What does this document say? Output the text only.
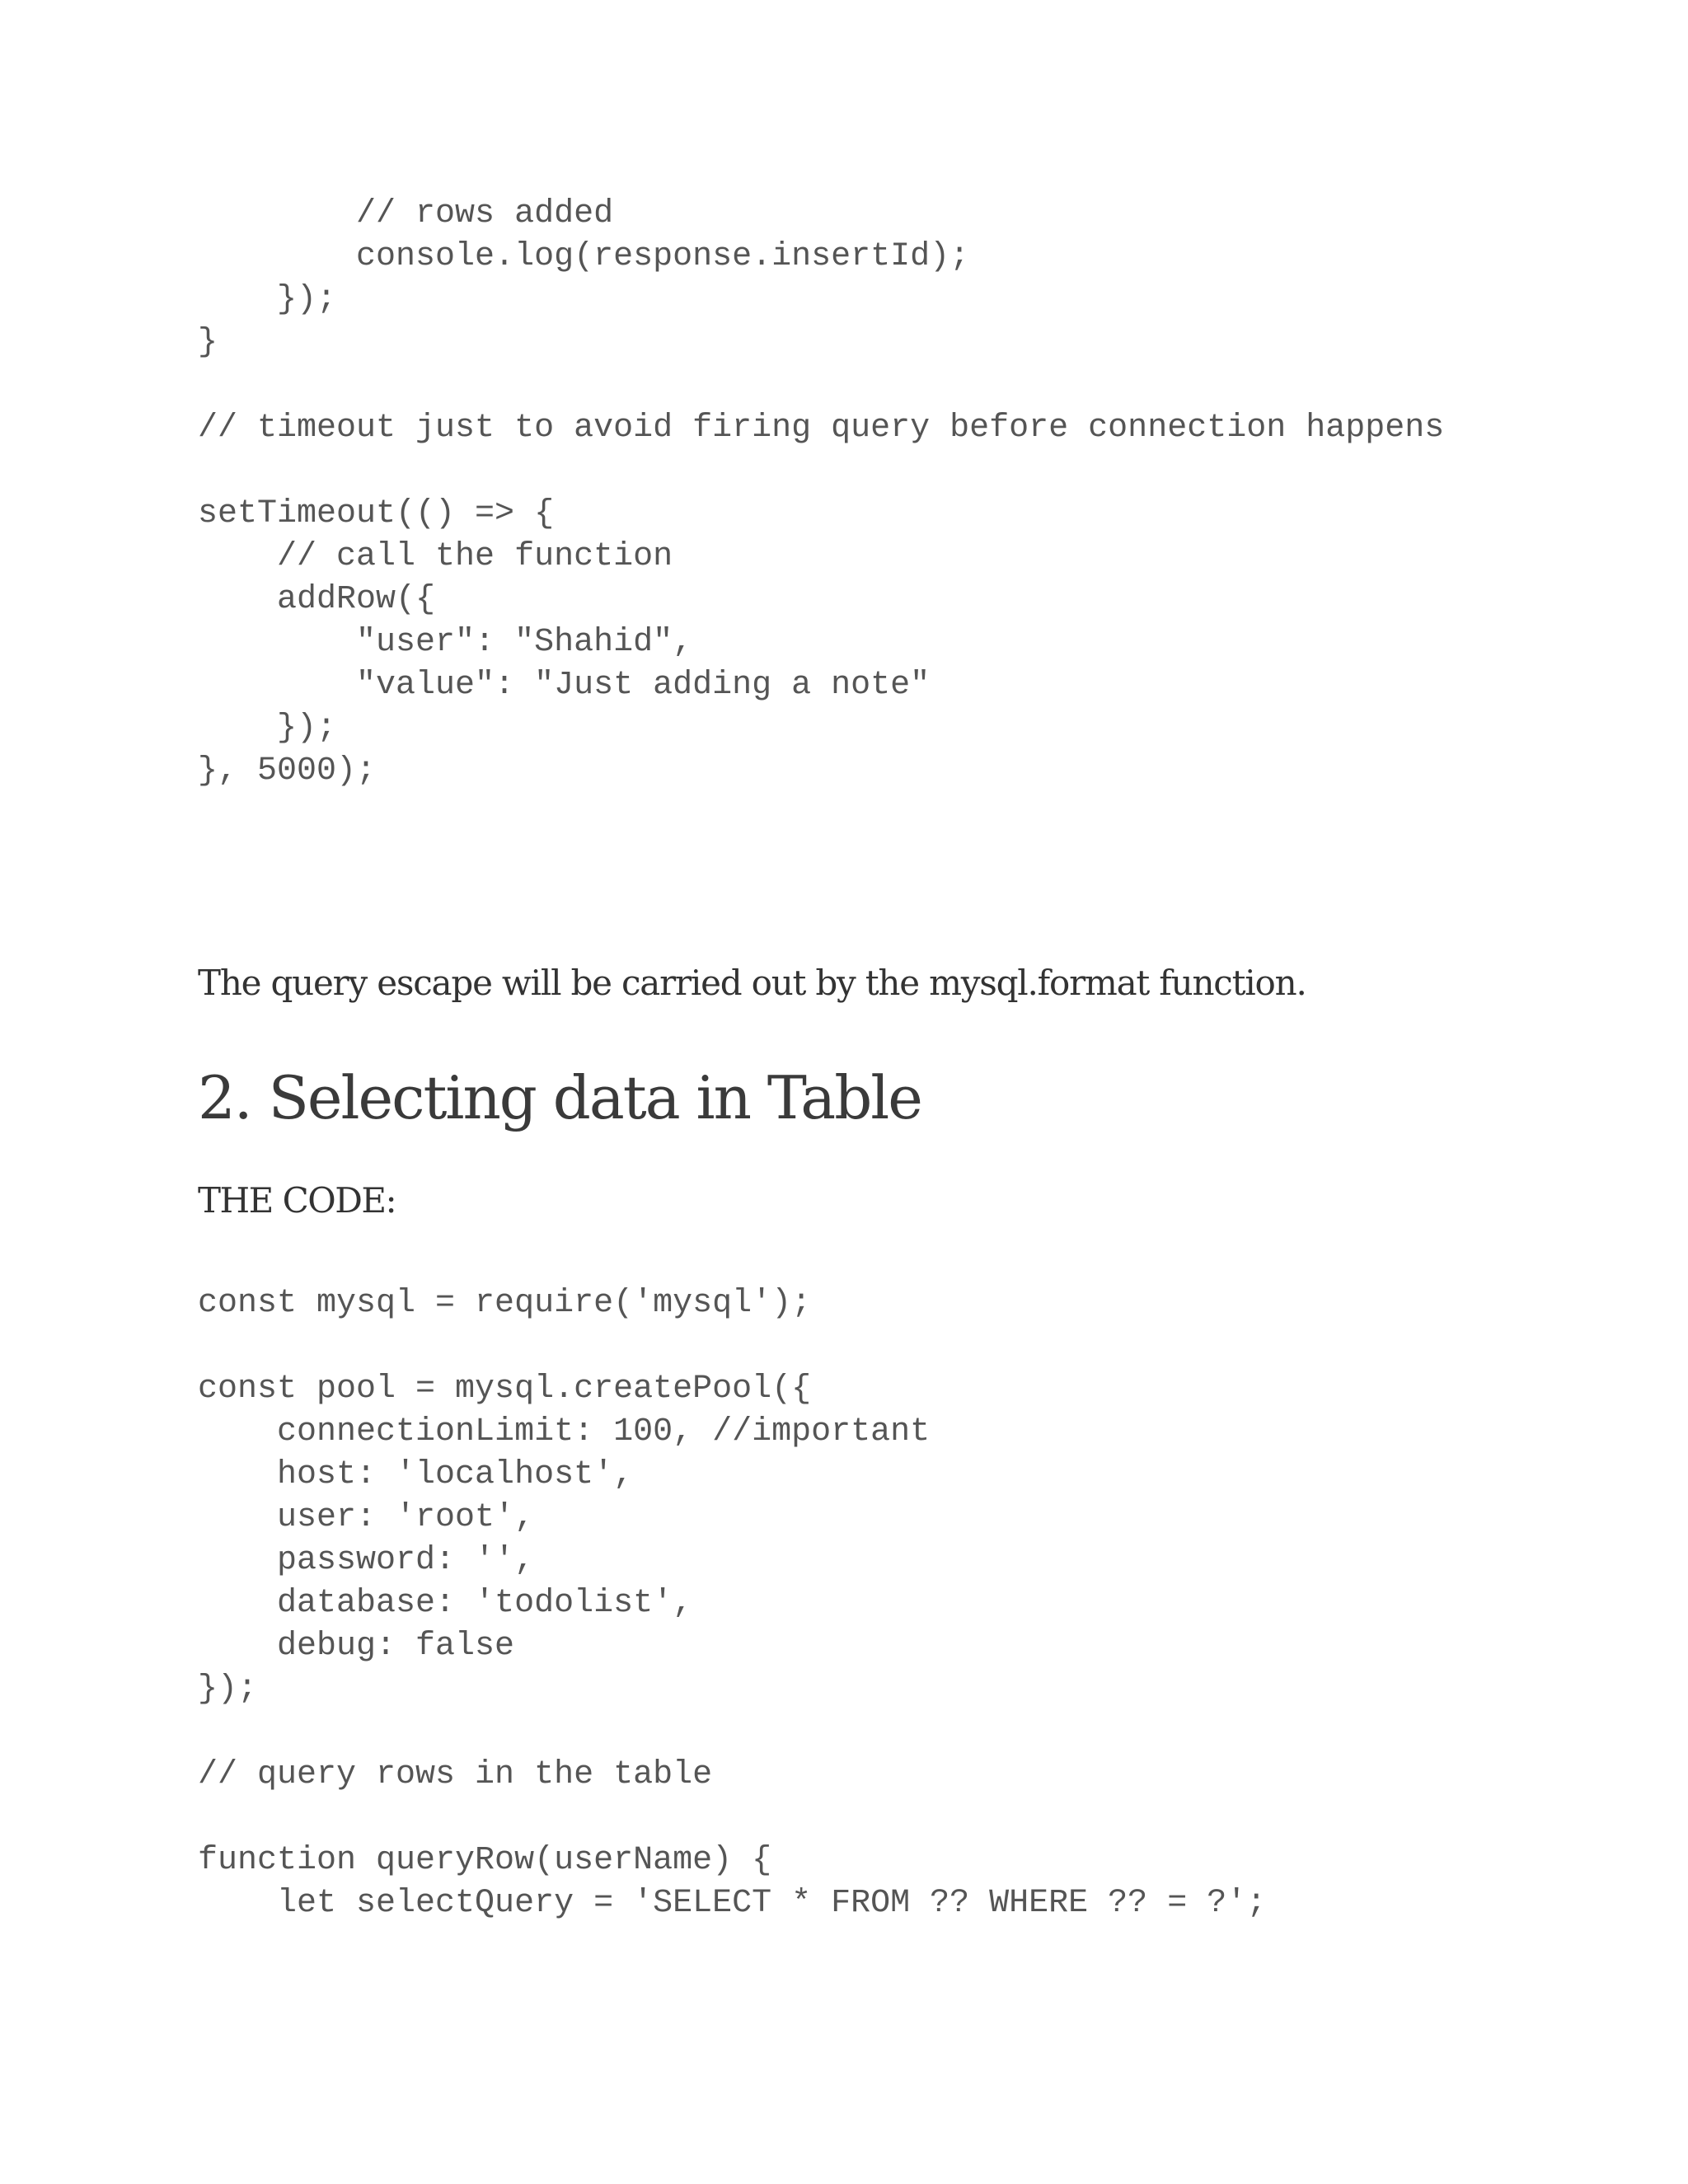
// rows added
console.log(response.insertId);
});
}
// timeout just to avoid firing query before connection happens
setTimeout(() => {
// call the function
addRow({
"user": "Shahid",
"value": "Just adding a note"
});
}, 5000);

The query escape will be carried out by the mysql.format function.

2. Selecting data in Table

THE CODE:

const mysql = require('mysql');
const pool = mysql.createPool({
connectionLimit: 100, //important
host: 'localhost',
user: 'root',
password: '',
database: 'todolist',
debug: false
});
// query rows in the table
function queryRow(userName) {
let selectQuery = 'SELECT * FROM ?? WHERE ?? = ?';
